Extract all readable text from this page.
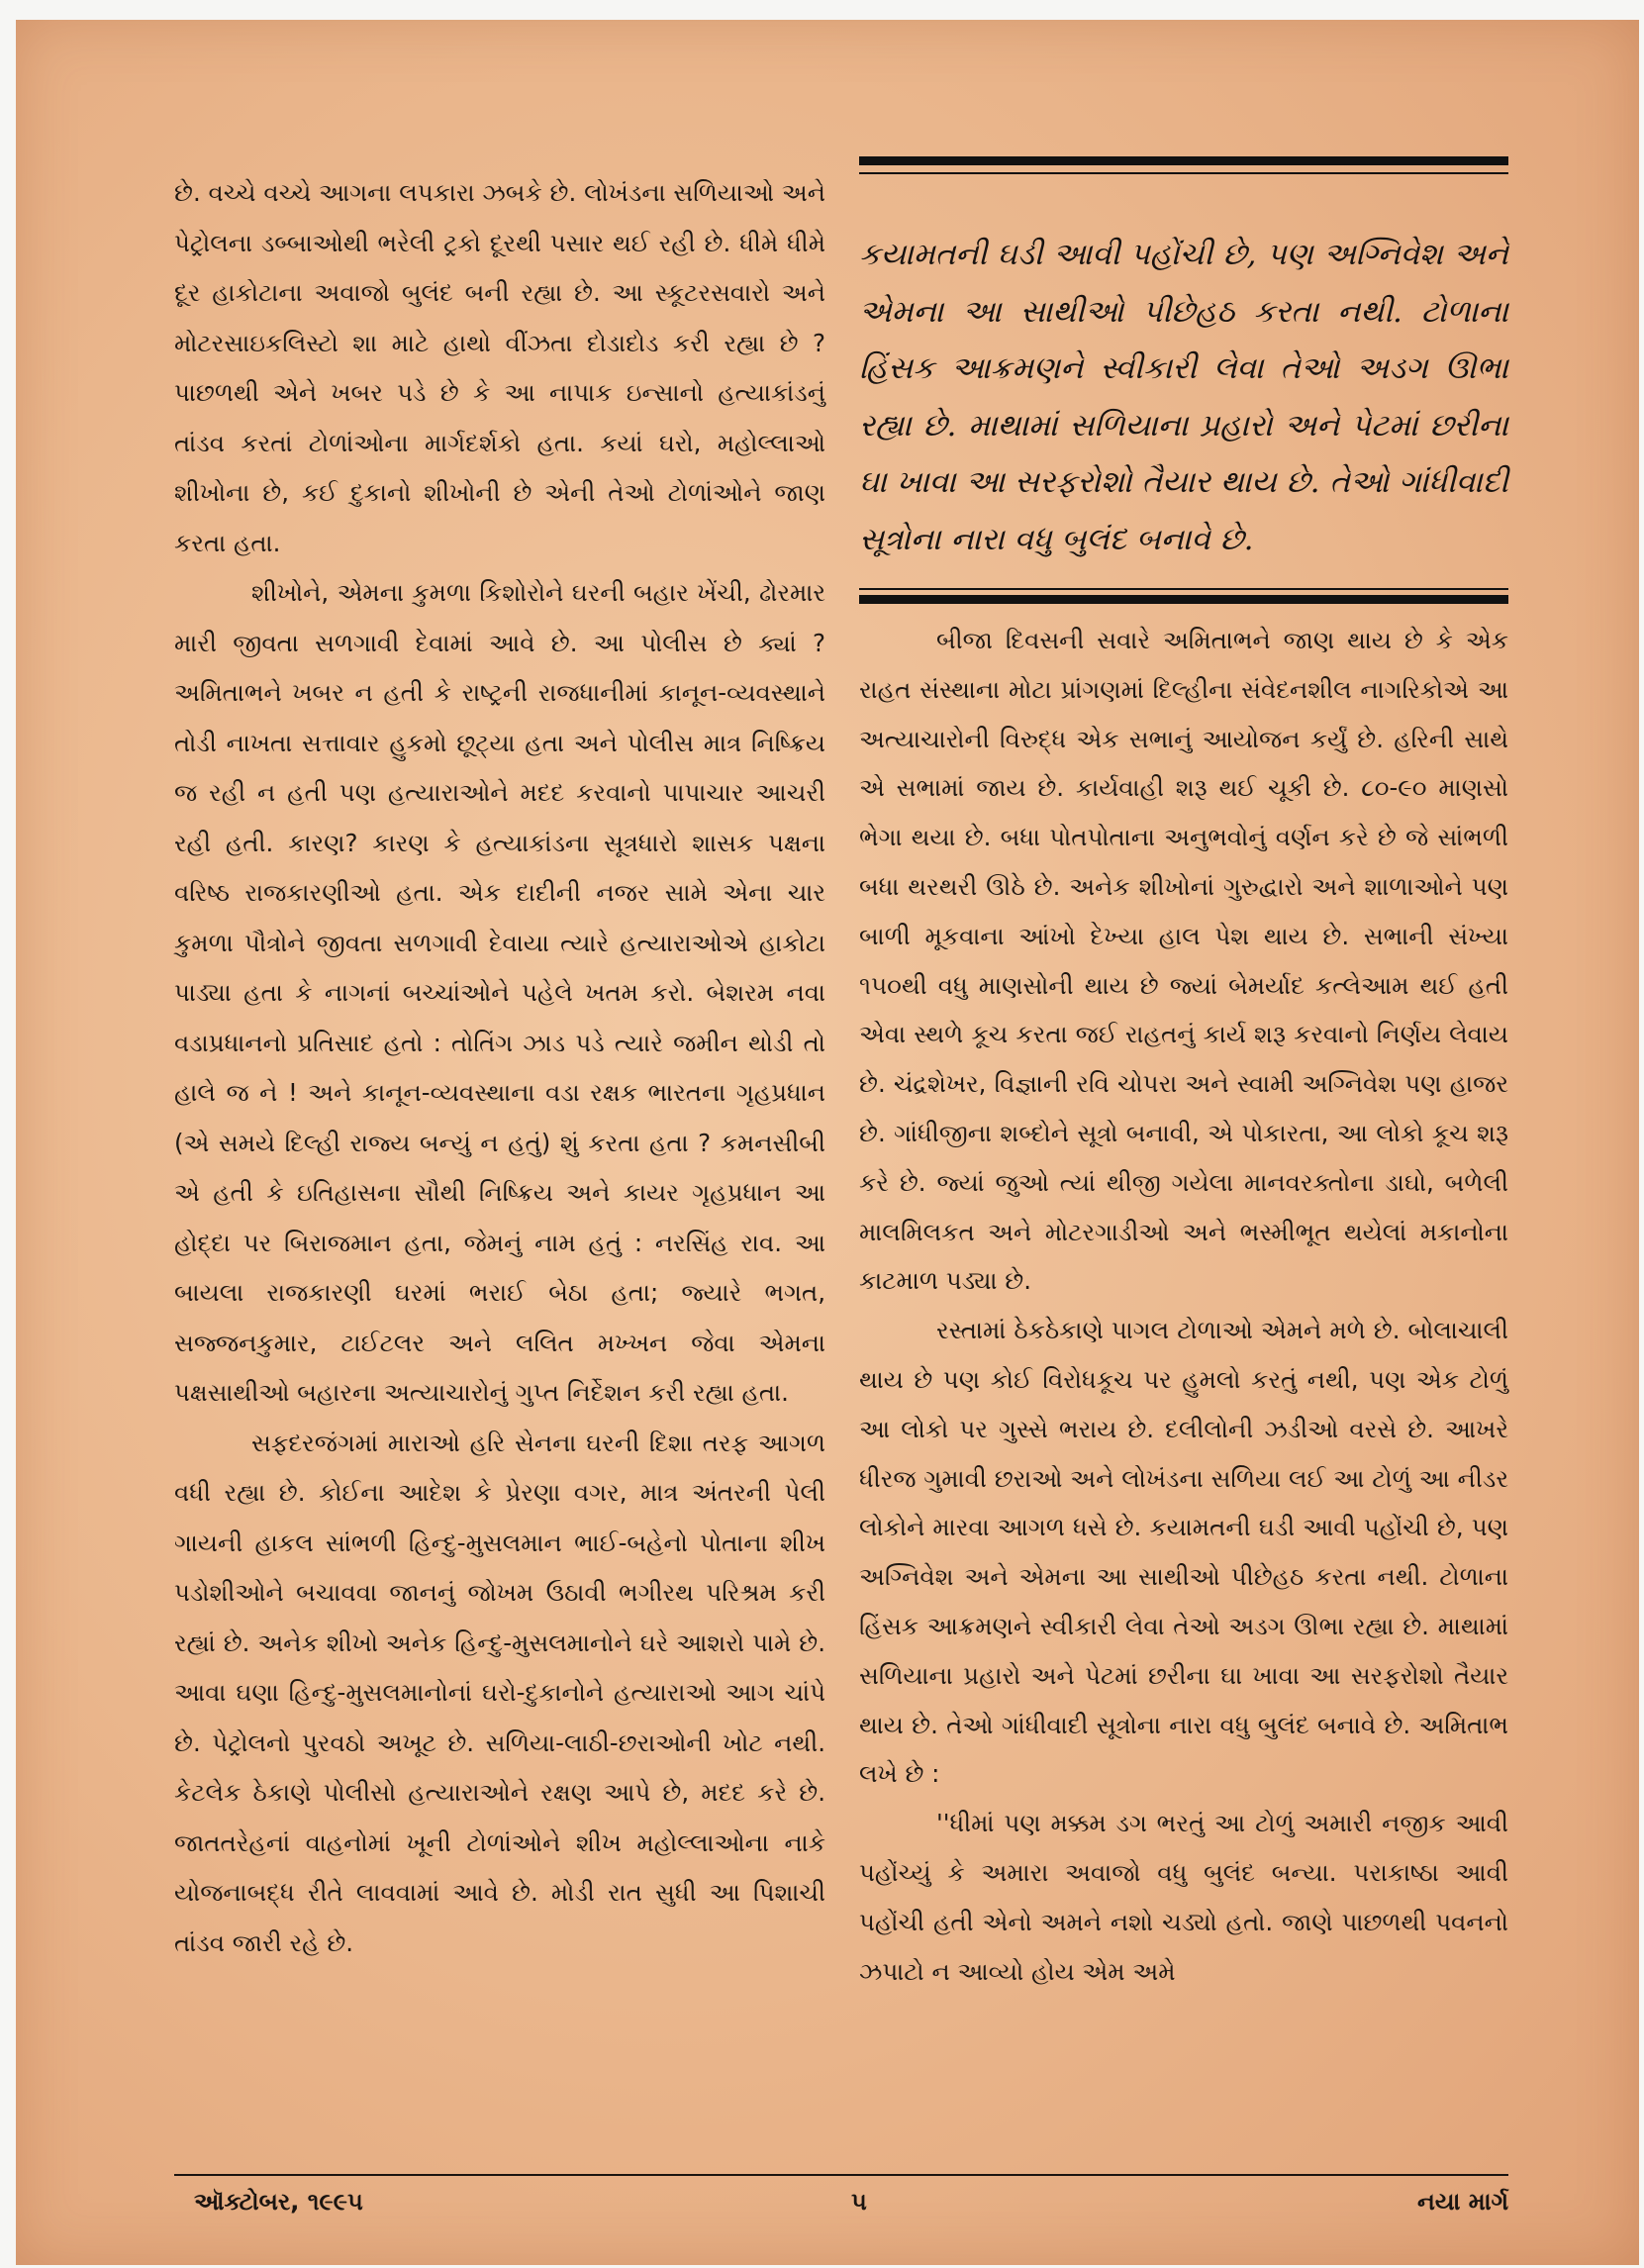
છે. વચ્ચે વચ્ચે આગના લપકારા ઝબકે છે. લોખંડના સળિયાઓ અને પેટ્રોલના ડબ્બાઓથી ભરેલી ટ્રકો દૂરથી પસાર થઈ રહી છે. ધીમે ધીમે દૂર હાકોટાના અવાજો બુલંદ બની રહ્યા છે. આ સ્કૂટરસવારો અને મોટરસાઇકલિસ્ટો શા માટે હાથો વીંઝતા દોડાદોડ કરી રહ્યા છે ? પાછળથી એને ખબર પડે છે કે આ નાપાક ઇન્સાનો હત્યાકાંડનું તાંડવ કરતાં ટોળાંઓના માર્ગદર્શકો હતા. કયાં ઘરો, મહોલ્લાઓ શીખોના છે, કઈ દુકાનો શીખોની છે એની તેઓ ટોળાંઓને જાણ કરતા હતા.

શીખોને, એમના કુમળા કિશોરોને ઘરની બહાર ખેંચી, ઢોરમાર મારી જીવતા સળગાવી દેવામાં આવે છે. આ પોલીસ છે ક્યાં ? અમિતાભને ખબર ન હતી કે રાષ્ટ્રની રાજધાનીમાં કાનૂન-વ્યવસ્થાને તોડી નાખતા સત્તાવાર હુકમો છૂટ્યા હતા અને પોલીસ માત્ર નિષ્ક્રિય જ રહી ન હતી પણ હત્યારાઓને મદદ કરવાનો પાપાચાર આચરી રહી હતી. કારણ? કારણ કે હત્યાકાંડના સૂત્રધારો શાસક પક્ષના વરિષ્ઠ રાજકારણીઓ હતા. એક દાદીની નજર સામે એના ચાર કુમળા પૌત્રોને જીવતા સળગાવી દેવાયા ત્યારે હત્યારાઓએ હાકોટા પાડ્યા હતા કે નાગનાં બચ્ચાંઓને પહેલે ખતમ કરો. બેશરમ નવા વડાપ્રધાનનો પ્રતિસાદ હતો : તોતિંગ ઝાડ પડે ત્યારે જમીન થોડી તો હાલે જ ને ! અને કાનૂન-વ્યવસ્થાના વડા રક્ષક ભારતના ગૃહપ્રધાન (એ સમયે દિલ્હી રાજ્ય બન્યું ન હતું) શું કરતા હતા ? કમનસીબી એ હતી કે ઇતિહાસના સૌથી નિષ્ક્રિય અને કાયર ગૃહપ્રધાન આ હોદ્દા પર બિરાજમાન હતા, જેમનું નામ હતું : નરસિંહ રાવ. આ બાયલા રાજકારણી ઘરમાં ભરાઈ બેઠા હતા; જ્યારે ભગત, સજ્જનકુમાર, ટાઈટલર અને લલિત મખ્ખન જેવા એમના પક્ષસાથીઓ બહારના અત્યાચારોનું ગુપ્ત નિર્દેશન કરી રહ્યા હતા.

સફદરજંગમાં મારાઓ હરિ સેનના ઘરની દિશા તરફ આગળ વધી રહ્યા છે. કોઈના આદેશ કે પ્રેરણા વગર, માત્ર અંતરની પેલી ગાયની હાકલ સાંભળી હિન્દુ-મુસલમાન ભાઈ-બહેનો પોતાના શીખ પડોશીઓને બચાવવા જાનનું જોખમ ઉઠાવી ભગીરથ પરિશ્રમ કરી રહ્યાં છે. અનેક શીખો અનેક હિન્દુ-મુસલમાનોને ઘરે આશરો પામે છે. આવા ઘણા હિન્દુ-મુસલમાનોનાં ઘરો-દુકાનોને હત્યારાઓ આગ ચાંપે છે. પેટ્રોલનો પુરવઠો અખૂટ છે. સળિયા-લાઠી-છરાઓની ખોટ નથી. કેટલેક ઠેકાણે પોલીસો હત્યારાઓને રક્ષણ આપે છે, મદદ કરે છે. જાતતરેહનાં વાહનોમાં ખૂની ટોળાંઓને શીખ મહોલ્લાઓના નાકે યોજનાબદ્ધ રીતે લાવવામાં આવે છે. મોડી રાત સુધી આ પિશાચી તાંડવ જારી રહે છે.

કયામતની ઘડી આવી પહોંચી છે, પણ અગ્નિવેશ અને એમના આ સાથીઓ પીછેહઠ કરતા નથી. ટોળાના હિંસક આક્રમણને સ્વીકારી લેવા તેઓ અડગ ઊભા રહ્યા છે. માથામાં સળિયાના પ્રહારો અને પેટમાં છરીના ઘા ખાવા આ સરફરોશો તૈયાર થાય છે. તેઓ ગાંધીવાદી સૂત્રોના નારા વધુ બુલંદ બનાવે છે.

બીજા દિવસની સવારે અમિતાભને જાણ થાય છે કે એક રાહત સંસ્થાના મોટા પ્રાંગણમાં દિલ્હીના સંવેદનશીલ નાગરિકોએ આ અત્યાચારોની વિરુદ્ધ એક સભાનું આયોજન કર્યું છે. હરિની સાથે એ સભામાં જાય છે. કાર્યવાહી શરૂ થઈ ચૂકી છે. ૮૦-૯૦ માણસો ભેગા થયા છે. બધા પોતપોતાના અનુભવોનું વર્ણન કરે છે જે સાંભળી બધા થરથરી ઊઠે છે. અનેક શીખોનાં ગુરુદ્વારો અને શાળાઓને પણ બાળી મૂકવાના આંખો દેખ્યા હાલ પેશ થાય છે. સભાની સંખ્યા ૧૫૦થી વધુ માણસોની થાય છે જ્યાં બેમર્યાદ કત્લેઆમ થઈ હતી એવા સ્થળે કૂચ કરતા જઈ રાહતનું કાર્ય શરૂ કરવાનો નિર્ણય લેવાય છે. ચંદ્રશેખર, વિજ્ઞાની રવિ ચોપરા અને સ્વામી અગ્નિવેશ પણ હાજર છે. ગાંધીજીના શબ્દોને સૂત્રો બનાવી, એ પોકારતા, આ લોકો કૂચ શરૂ કરે છે. જ્યાં જુઓ ત્યાં થીજી ગયેલા માનવરક્તોના ડાઘો, બળેલી માલમિલકત અને મોટરગાડીઓ અને ભસ્મીભૂત થયેલાં મકાનોના કાટમાળ પડ્યા છે.

રસ્તામાં ઠેકઠેકાણે પાગલ ટોળાઓ એમને મળે છે. બોલાચાલી થાય છે પણ કોઈ વિરોધકૂચ પર હુમલો કરતું નથી, પણ એક ટોળું આ લોકો પર ગુસ્સે ભરાય છે. દલીલોની ઝડીઓ વરસે છે. આખરે ધીરજ ગુમાવી છરાઓ અને લોખંડના સળિયા લઈ આ ટોળું આ નીડર લોકોને મારવા આગળ ધસે છે. કયામતની ઘડી આવી પહોંચી છે, પણ અગ્નિવેશ અને એમના આ સાથીઓ પીછેહઠ કરતા નથી. ટોળાના હિંસક આક્રમણને સ્વીકારી લેવા તેઓ અડગ ઊભા રહ્યા છે. માથામાં સળિયાના પ્રહારો અને પેટમાં છરીના ઘા ખાવા આ સરફરોશો તૈયાર થાય છે. તેઓ ગાંધીવાદી સૂત્રોના નારા વધુ બુલંદ બનાવે છે. અમિતાભ લખે છે :

''ધીમાં પણ મક્કમ ડગ ભરતું આ ટોળું અમારી નજીક આવી પહોંચ્યું કે અમારા અવાજો વધુ બુલંદ બન્યા. પરાકાષ્ઠા આવી પહોંચી હતી એનો અમને નશો ચડ્યો હતો. જાણે પાછળથી પવનનો ઝપાટો ન આવ્યો હોય એમ અમે

ઑક્ટોબર, ૧૯૯૫	૫	નયા માર્ગ
